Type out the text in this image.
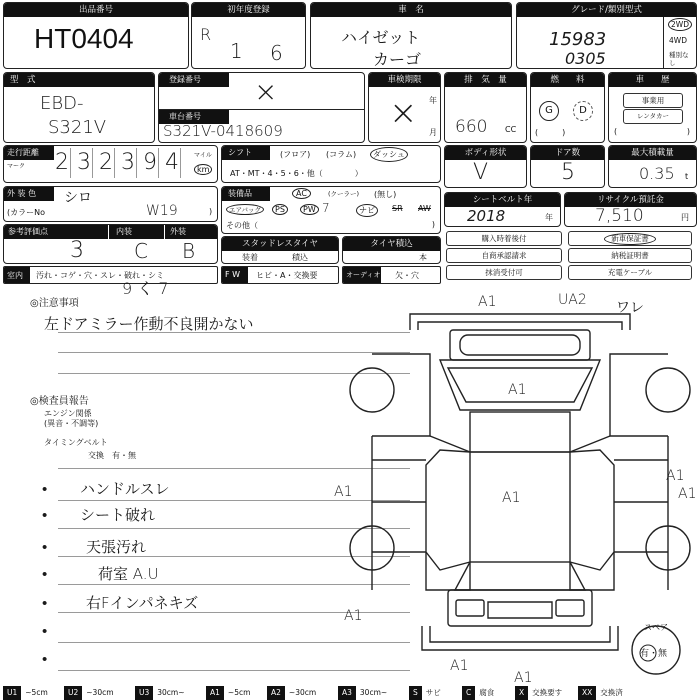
出品番号
HT0404
初年度登録
R
1 6
車　名
ハイゼット
カーゴ
グレード/類別型式
15983
0305
2WD
4WD
種別なし
型　式
EBD-
S321V
登録番号 ×
車台番号
S321V-0418609
車検期限
年
月
×
排　気　量
660 CC
燃　　料
G	D
(　　　)
車　　歴
事業用
レンタカー
(	)
走行距離
マーク 2 3 2 3 9 4	マイル
km
シフト	(フロア) (コラム)	ダッシュ
AT・MT・4・5・6・他（　　　　）
ボディ形状
V
ドア数
5
最大積載量
0.35 t
外 装 色 シロ
(カラーNo	W19	)
装備品	AC	(クーラー) (無し)
エアバッグ	PS	PW 7	ナビ	SR AW
その他（	)
シートベルト年
2018	年
リサイクル預託金
7,510	円
参考評価点	内装	外装
3	C B	スタッドレスタイヤ
装着	積込
タイヤ積込
本
購入時着後付
自商承認請求
抹消受付可
新車保証書
納税証明書
充電ケーブル
室内 汚れ・コゲ・穴・スレ・破れ・シミ
9 く 7
F W ヒビ・A・交換要	オーディオ 欠・穴
◎注意事項
左ドアミラー作動不良開かない
◎検査員報告
エンジン関係
(異音・不調等)
タイミングベルト
交換　有・無
• ハンドルスレ
• シート破れ
• 天張汚れ
•	荷室 A.U
• 右Fインパネキズ
•
•
A1	UA2 ワレ
A1
A1	A1
A1
A1
A1
A1
A1
スペア
有・無
U1 ~5cm	U2 ~30cm	U3 30cm~	A1 ~5cm	A2 ~30cm	A3 30cm~	S サビ	C 腐食	X 交換要す	XX 交換済
